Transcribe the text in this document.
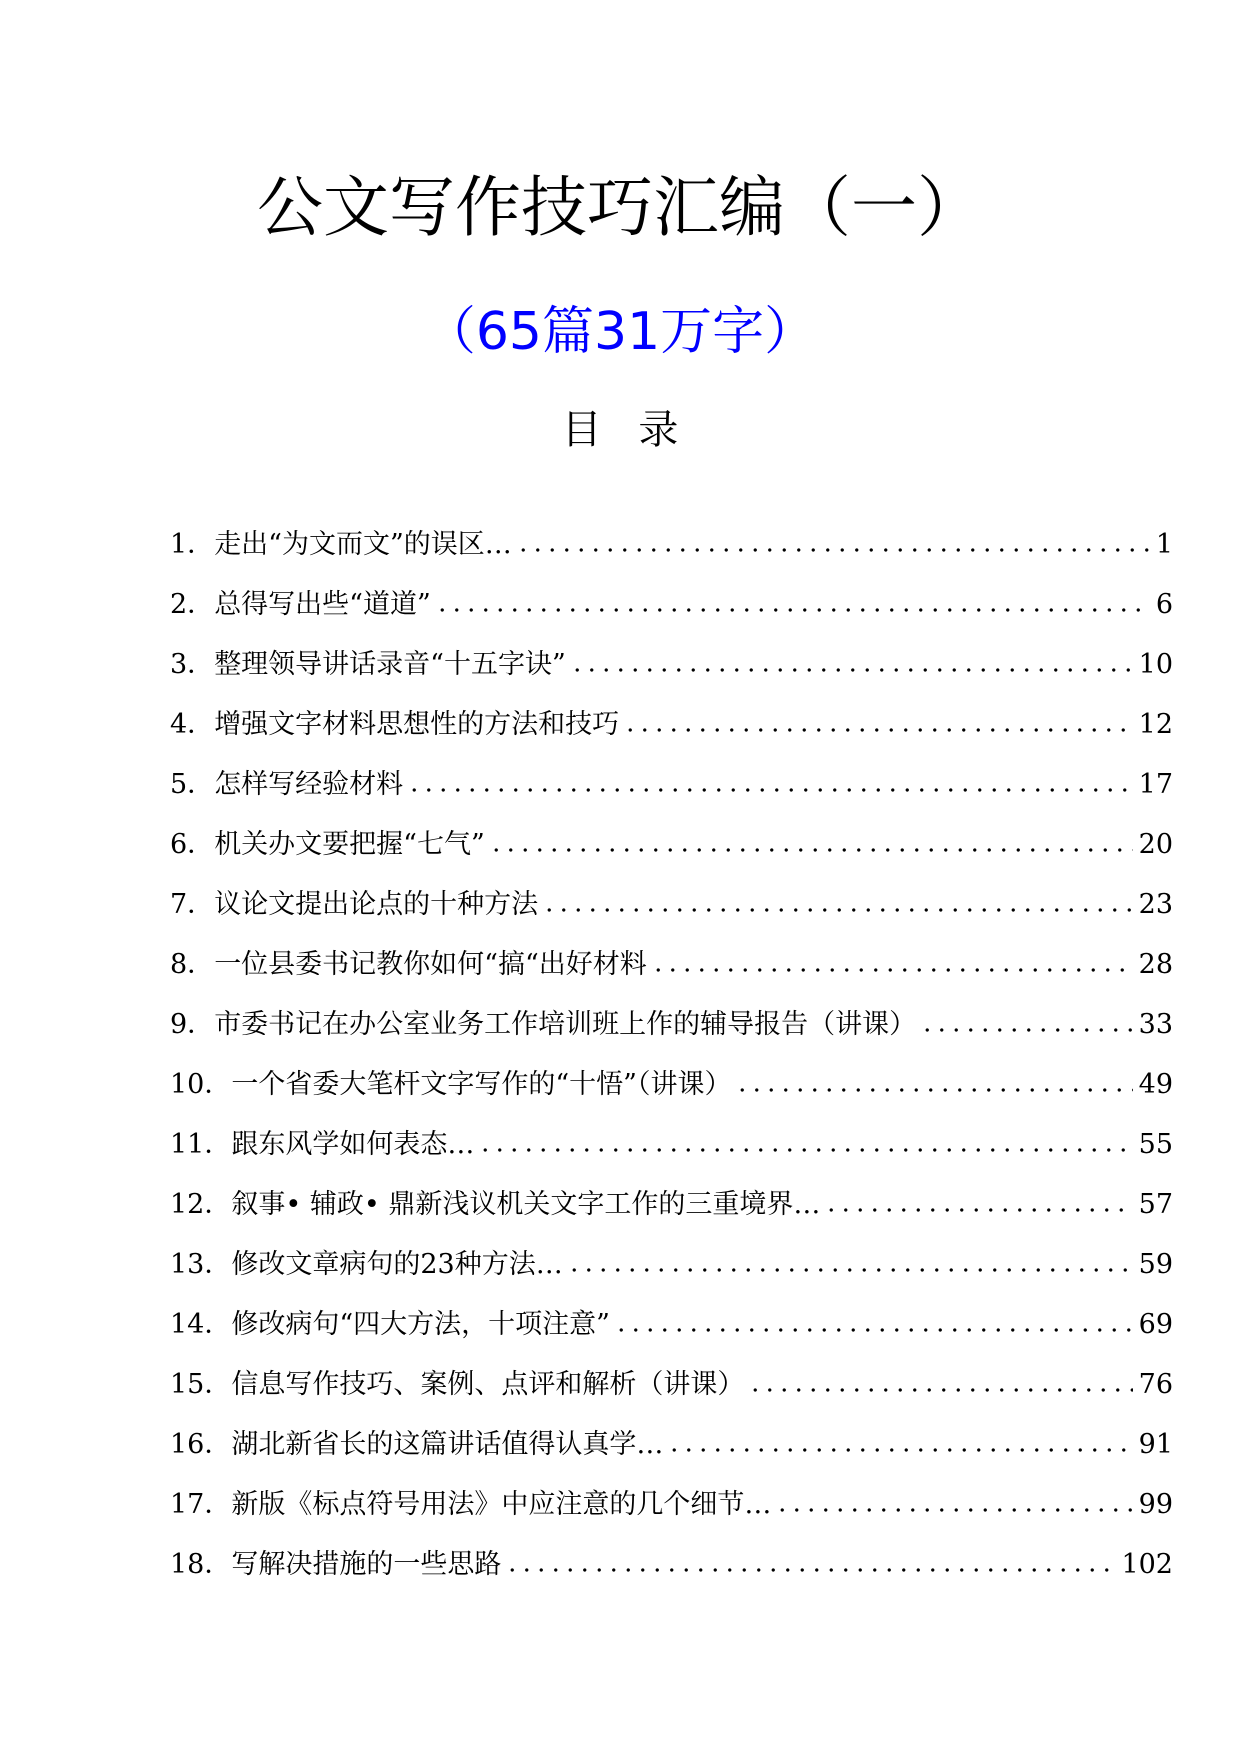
公文写作技巧汇编（一）
（65篇31万字）
目 录
1．走出“为文而文”的误区…	1
2．总得写出些“道道”	6
3．整理领导讲话录音“十五字诀”	10
4．增强文字材料思想性的方法和技巧	12
5．怎样写经验材料	17
6．机关办文要把握“七气”	20
7．议论文提出论点的十种方法	23
8．一位县委书记教你如何“搞“出好材料	28
9．市委书记在办公室业务工作培训班上作的辅导报告（讲课）	33
10．一个省委大笔杆文字写作的“十悟”（讲课）	49
11．跟东风学如何表态…	55
12．叙事• 辅政• 鼎新浅议机关文字工作的三重境界…	57
13．修改文章病句的23种方法…	59
14．修改病句“四大方法，十项注意”	69
15．信息写作技巧、案例、点评和解析（讲课）	76
16．湖北新省长的这篇讲话值得认真学…	91
17．新版《标点符号用法》中应注意的几个细节…	99
18．写解决措施的一些思路	102
